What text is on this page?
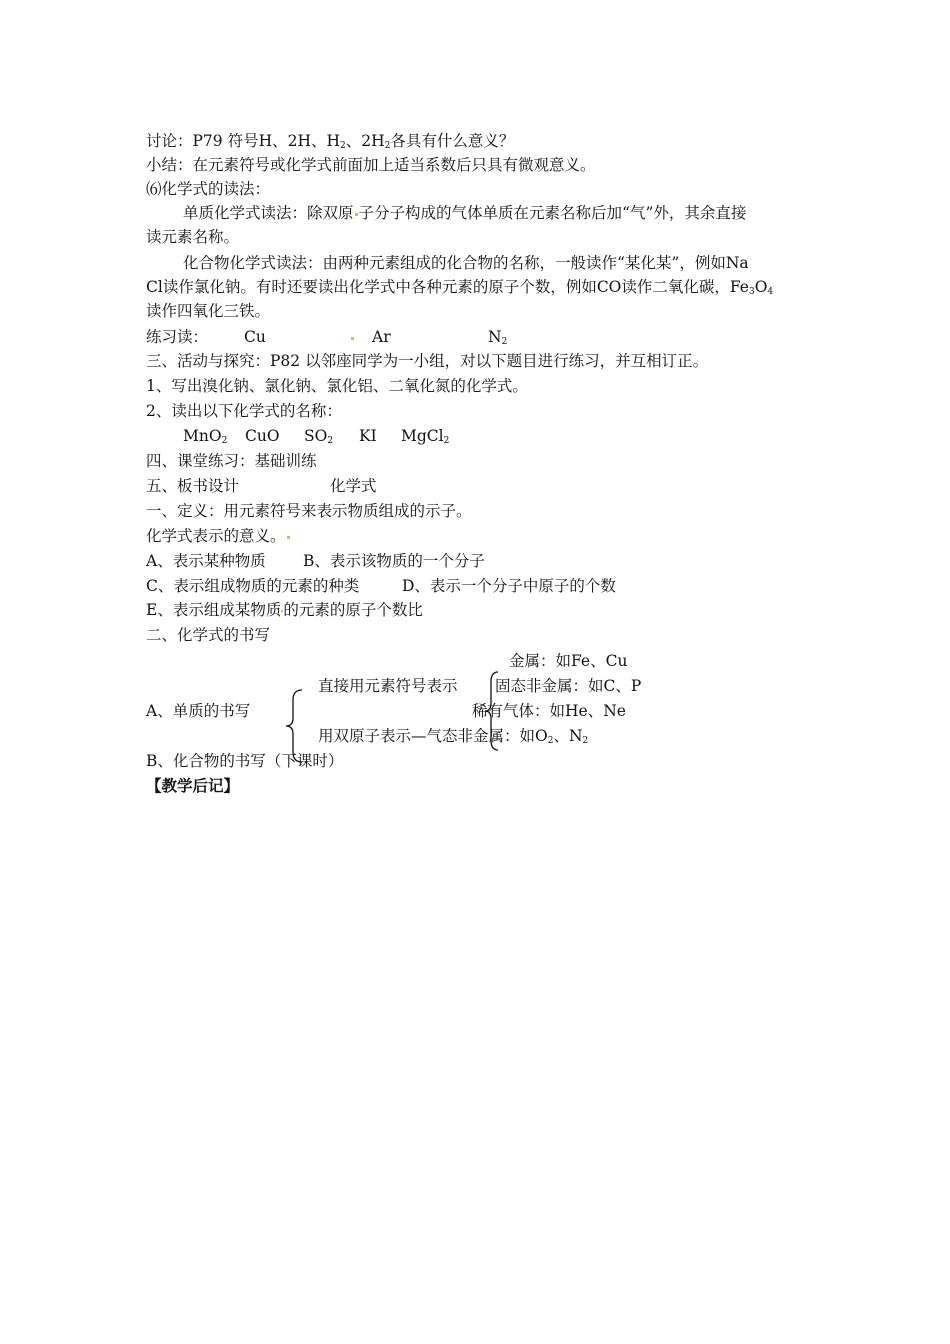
讨论：P79 符号H、2H、$H_2$、$2H_2$各具有什么意义？
小结：在元素符号或化学式前面加上适当系数后只具有微观意义。
⑹化学式的读法：
单质化学式读法：除双原 子分子构成的气体单质在元素名称后加“气”外，其余直接
读元素名称。
化合物化学式读法：由两种元素组成的化合物的名称，一般读作“某化某”，例如Na
Cl读作氯化钠。有时还要读出化学式中各种元素的原子个数，例如CO读作二氧化碳，$Fe_3O_4$
读作四氧化三铁。
练习读： Cu	Ar	$N_2$
三、活动与探究：P82 以邻座同学为一小组，对以下题目进行练习，并互相订正。
1、写出溴化钠、氯化钠、氯化铝、二氧化氮的化学式。
2、读出以下化学式的名称：
MnO$_2$ CuO $SO_2$ KI MgCl$_2$
四、课堂练习：基础训练
五、板书设计	化学式
一、定义：用元素符号来表示物质组成的示子。
化学式表示的意义。
A、表示某种物质 B、表示该物质的一个分子
C、表示组成物质的元素的种类	D、表示一个分子中原子的个数
E、表示组成某物质 的元素的原子个数比
二、化学式的书写
金属：如Fe、Cu
直接用元素符号表示 固态非金属：如C、P
A、单质的书写	稀有气体：如He、Ne
用双原子表示—气态非金属：如$O_2$、$N_2$
B、化合物的书写（下课时）
【教学后记】
